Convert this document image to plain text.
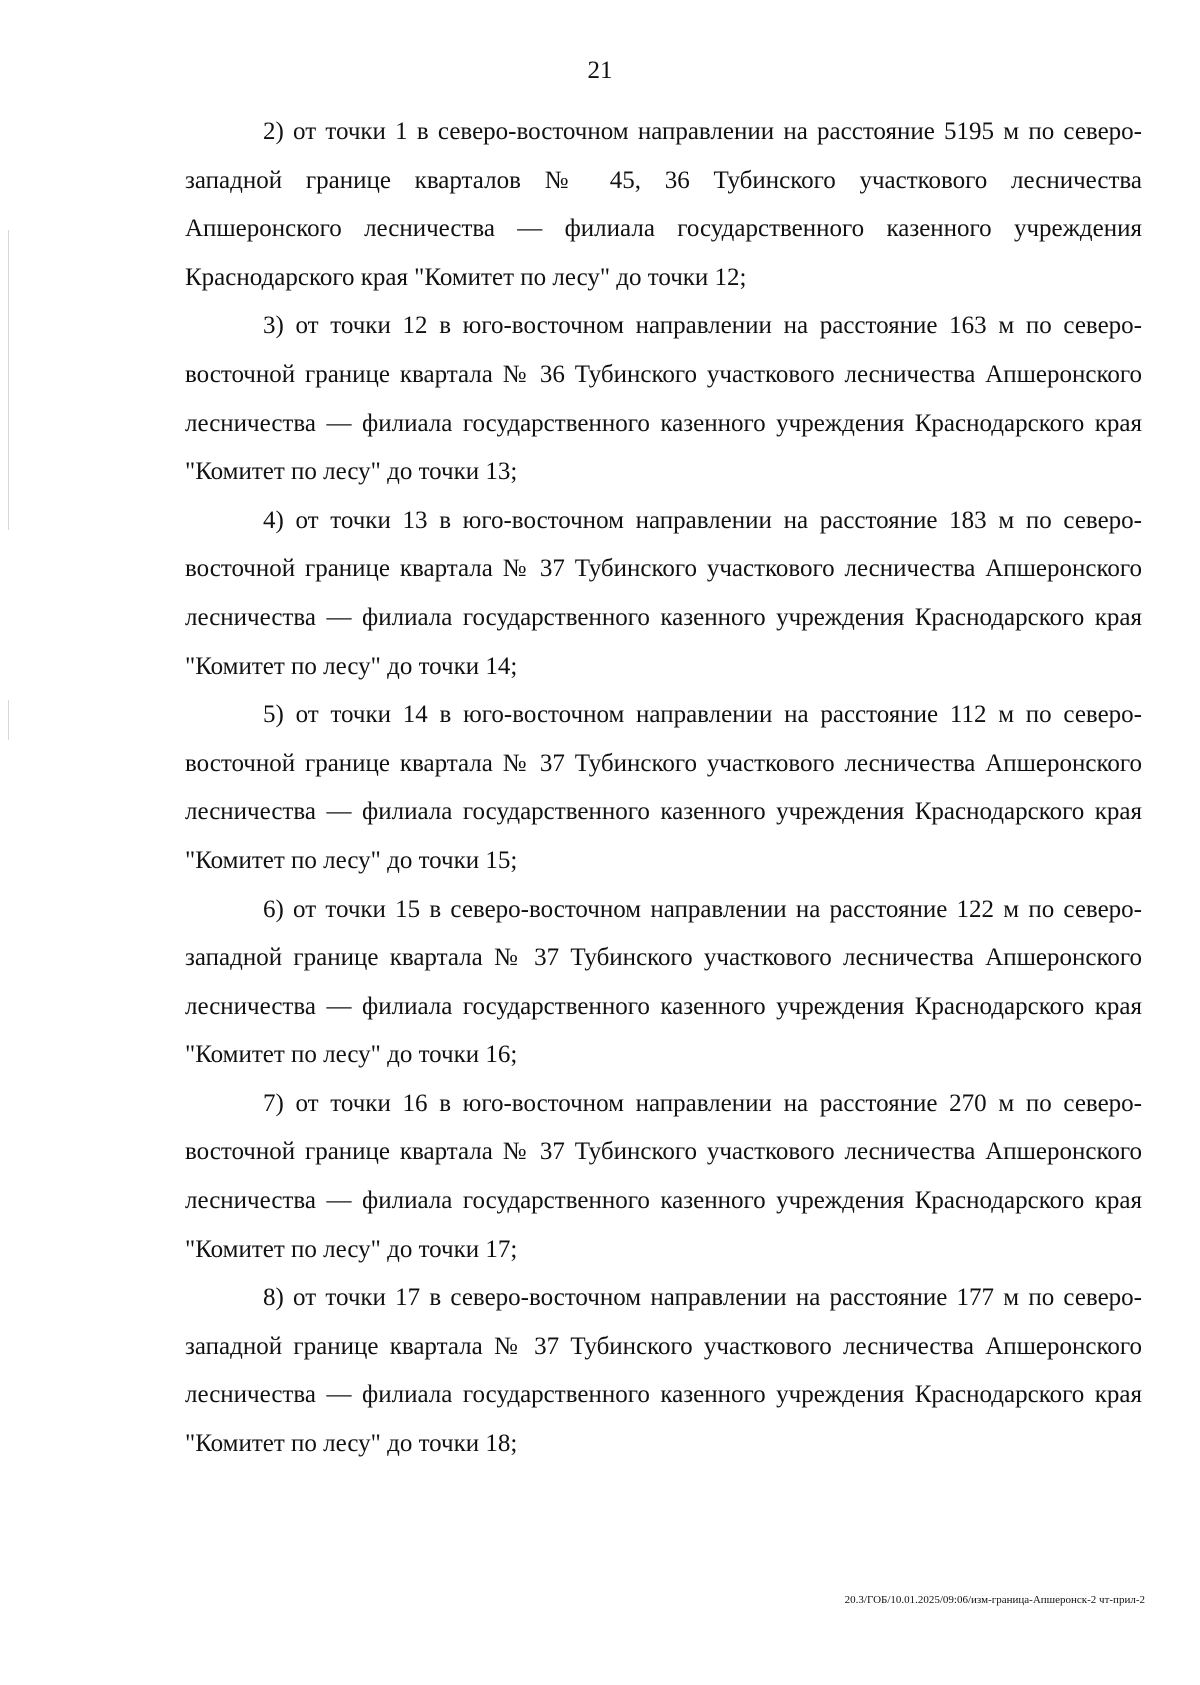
21

2) от точки 1 в северо-восточном направлении на расстояние 5195 м по северо-западной границе кварталов № 45, 36 Тубинского участкового лесничества Апшеронского лесничества — филиала государственного казенного учреждения Краснодарского края "Комитет по лесу" до точки 12;

3) от точки 12 в юго-восточном направлении на расстояние 163 м по северо-восточной границе квартала № 36 Тубинского участкового лесничества Апшеронского лесничества — филиала государственного казенного учреждения Краснодарского края "Комитет по лесу" до точки 13;

4) от точки 13 в юго-восточном направлении на расстояние 183 м по северо-восточной границе квартала № 37 Тубинского участкового лесничества Апшеронского лесничества — филиала государственного казенного учреждения Краснодарского края "Комитет по лесу" до точки 14;

5) от точки 14 в юго-восточном направлении на расстояние 112 м по северо-восточной границе квартала № 37 Тубинского участкового лесничества Апшеронского лесничества — филиала государственного казенного учреждения Краснодарского края "Комитет по лесу" до точки 15;

6) от точки 15 в северо-восточном направлении на расстояние 122 м по северо-западной границе квартала № 37 Тубинского участкового лесничества Апшеронского лесничества — филиала государственного казенного учреждения Краснодарского края "Комитет по лесу" до точки 16;

7) от точки 16 в юго-восточном направлении на расстояние 270 м по северо-восточной границе квартала № 37 Тубинского участкового лесничества Апшеронского лесничества — филиала государственного казенного учреждения Краснодарского края "Комитет по лесу" до точки 17;

8) от точки 17 в северо-восточном направлении на расстояние 177 м по северо-западной границе квартала № 37 Тубинского участкового лесничества Апшеронского лесничества — филиала государственного казенного учреждения Краснодарского края "Комитет по лесу" до точки 18;

20.3/ГОБ/10.01.2025/09:06/изм-граница-Апшеронск-2 чт-прил-2
